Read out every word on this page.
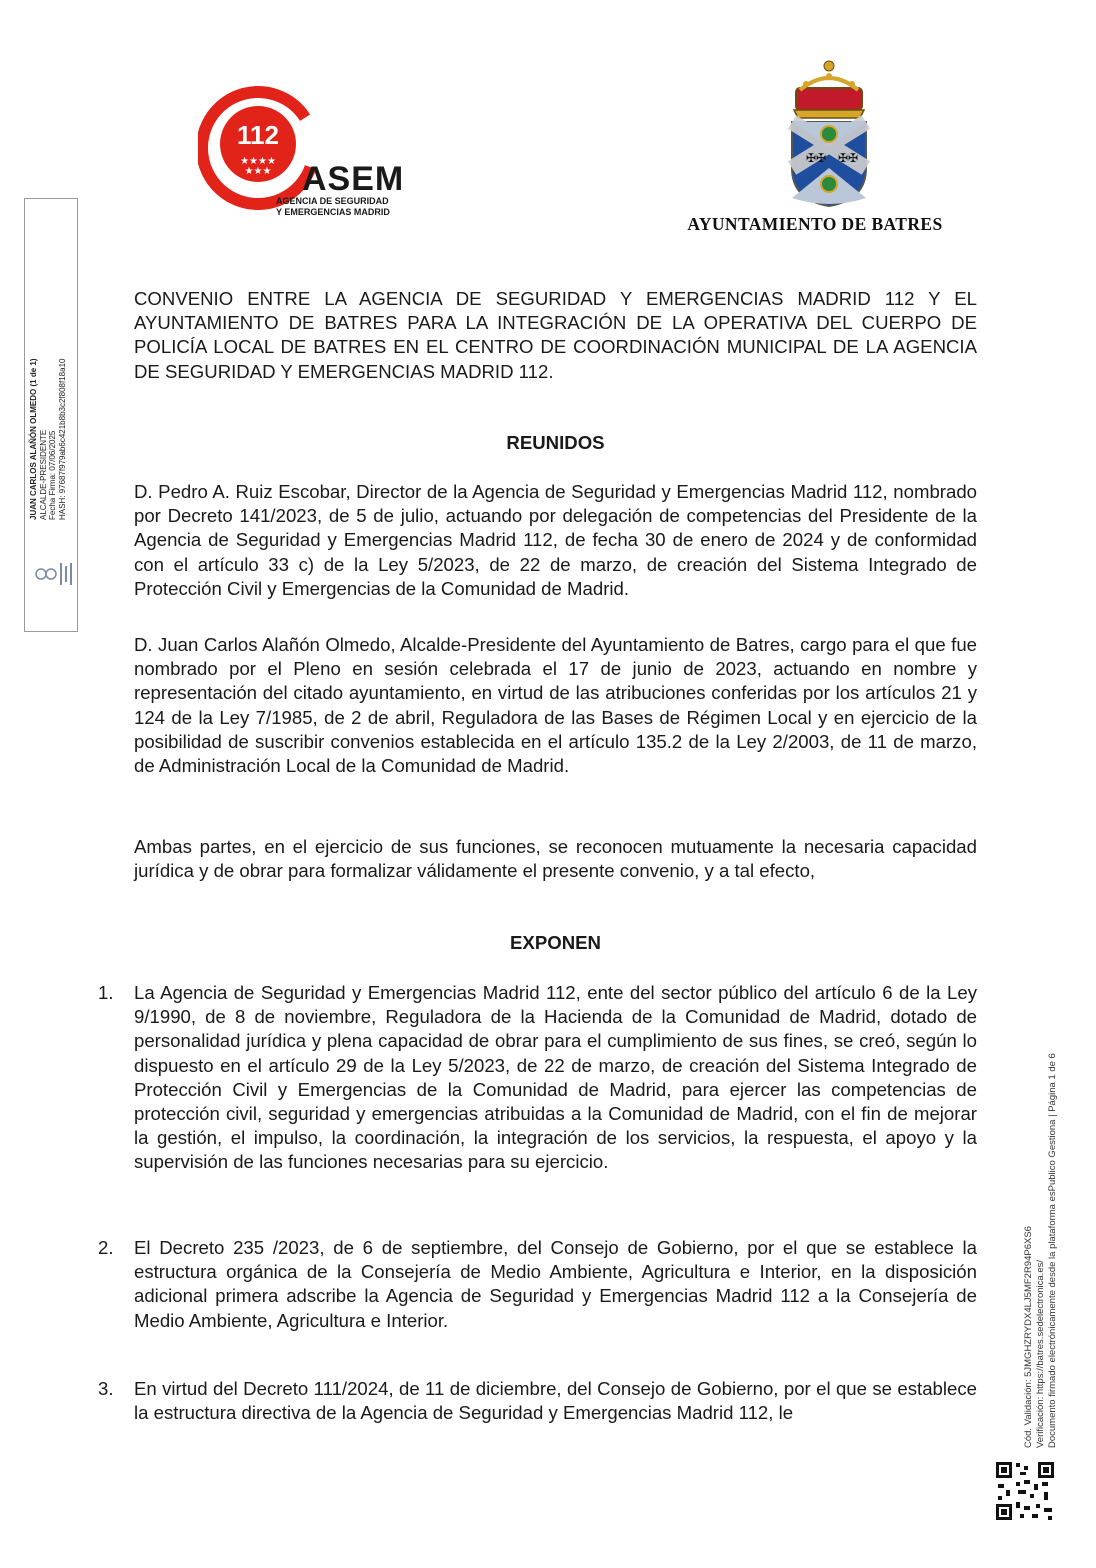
112
★★★★
★★★ ASEM
AGENCIA DE SEGURIDAD
Y EMERGENCIAS MADRID
✠✠ ✠✠
AYUNTAMIENTO DE BATRES
JUAN CARLOS ALAÑÓN OLMEDO (1 de 1) ALCALDE-PRESIDENTE Fecha Firma: 07/06/2025 HASH: 97687f979ab6c421b8b3c2f808f18a10
Cód. Validación: 5JMGHZRYDX4LJ5MF2R94P6XS6 Verificación: https://batres.sedelectronica.es/ Documento firmado electrónicamente desde la plataforma esPublico Gestiona | Página 1 de 6
CONVENIO ENTRE LA AGENCIA DE SEGURIDAD Y EMERGENCIAS MADRID 112 Y EL AYUNTAMIENTO DE BATRES PARA LA INTEGRACIÓN DE LA OPERATIVA DEL CUERPO DE POLICÍA LOCAL DE BATRES EN EL CENTRO DE COORDINACIÓN MUNICIPAL DE LA AGENCIA DE SEGURIDAD Y EMERGENCIAS MADRID 112.
REUNIDOS
D. Pedro A. Ruiz Escobar, Director de la Agencia de Seguridad y Emergencias Madrid 112, nombrado por Decreto 141/2023, de 5 de julio, actuando por delegación de competencias del Presidente de la Agencia de Seguridad y Emergencias Madrid 112, de fecha 30 de enero de 2024 y de conformidad con el artículo 33 c) de la Ley 5/2023, de 22 de marzo, de creación del Sistema Integrado de Protección Civil y Emergencias de la Comunidad de Madrid.
D. Juan Carlos Alañón Olmedo, Alcalde-Presidente del Ayuntamiento de Batres, cargo para el que fue nombrado por el Pleno en sesión celebrada el 17 de junio de 2023, actuando en nombre y representación del citado ayuntamiento, en virtud de las atribuciones conferidas por los artículos 21 y 124 de la Ley 7/1985, de 2 de abril, Reguladora de las Bases de Régimen Local y en ejercicio de la posibilidad de suscribir convenios establecida en el artículo 135.2 de la Ley 2/2003, de 11 de marzo, de Administración Local de la Comunidad de Madrid.
Ambas partes, en el ejercicio de sus funciones, se reconocen mutuamente la necesaria capacidad jurídica y de obrar para formalizar válidamente el presente convenio, y a tal efecto,
EXPONEN
1. La Agencia de Seguridad y Emergencias Madrid 112, ente del sector público del artículo 6 de la Ley 9/1990, de 8 de noviembre, Reguladora de la Hacienda de la Comunidad de Madrid, dotado de personalidad jurídica y plena capacidad de obrar para el cumplimiento de sus fines, se creó, según lo dispuesto en el artículo 29 de la Ley 5/2023, de 22 de marzo, de creación del Sistema Integrado de Protección Civil y Emergencias de la Comunidad de Madrid, para ejercer las competencias de protección civil, seguridad y emergencias atribuidas a la Comunidad de Madrid, con el fin de mejorar la gestión, el impulso, la coordinación, la integración de los servicios, la respuesta, el apoyo y la supervisión de las funciones necesarias para su ejercicio.
2. El Decreto 235 /2023, de 6 de septiembre, del Consejo de Gobierno, por el que se establece la estructura orgánica de la Consejería de Medio Ambiente, Agricultura e Interior, en la disposición adicional primera adscribe la Agencia de Seguridad y Emergencias Madrid 112 a la Consejería de Medio Ambiente, Agricultura e Interior.
3. En virtud del Decreto 111/2024, de 11 de diciembre, del Consejo de Gobierno, por el que se establece la estructura directiva de la Agencia de Seguridad y Emergencias Madrid 112, le
